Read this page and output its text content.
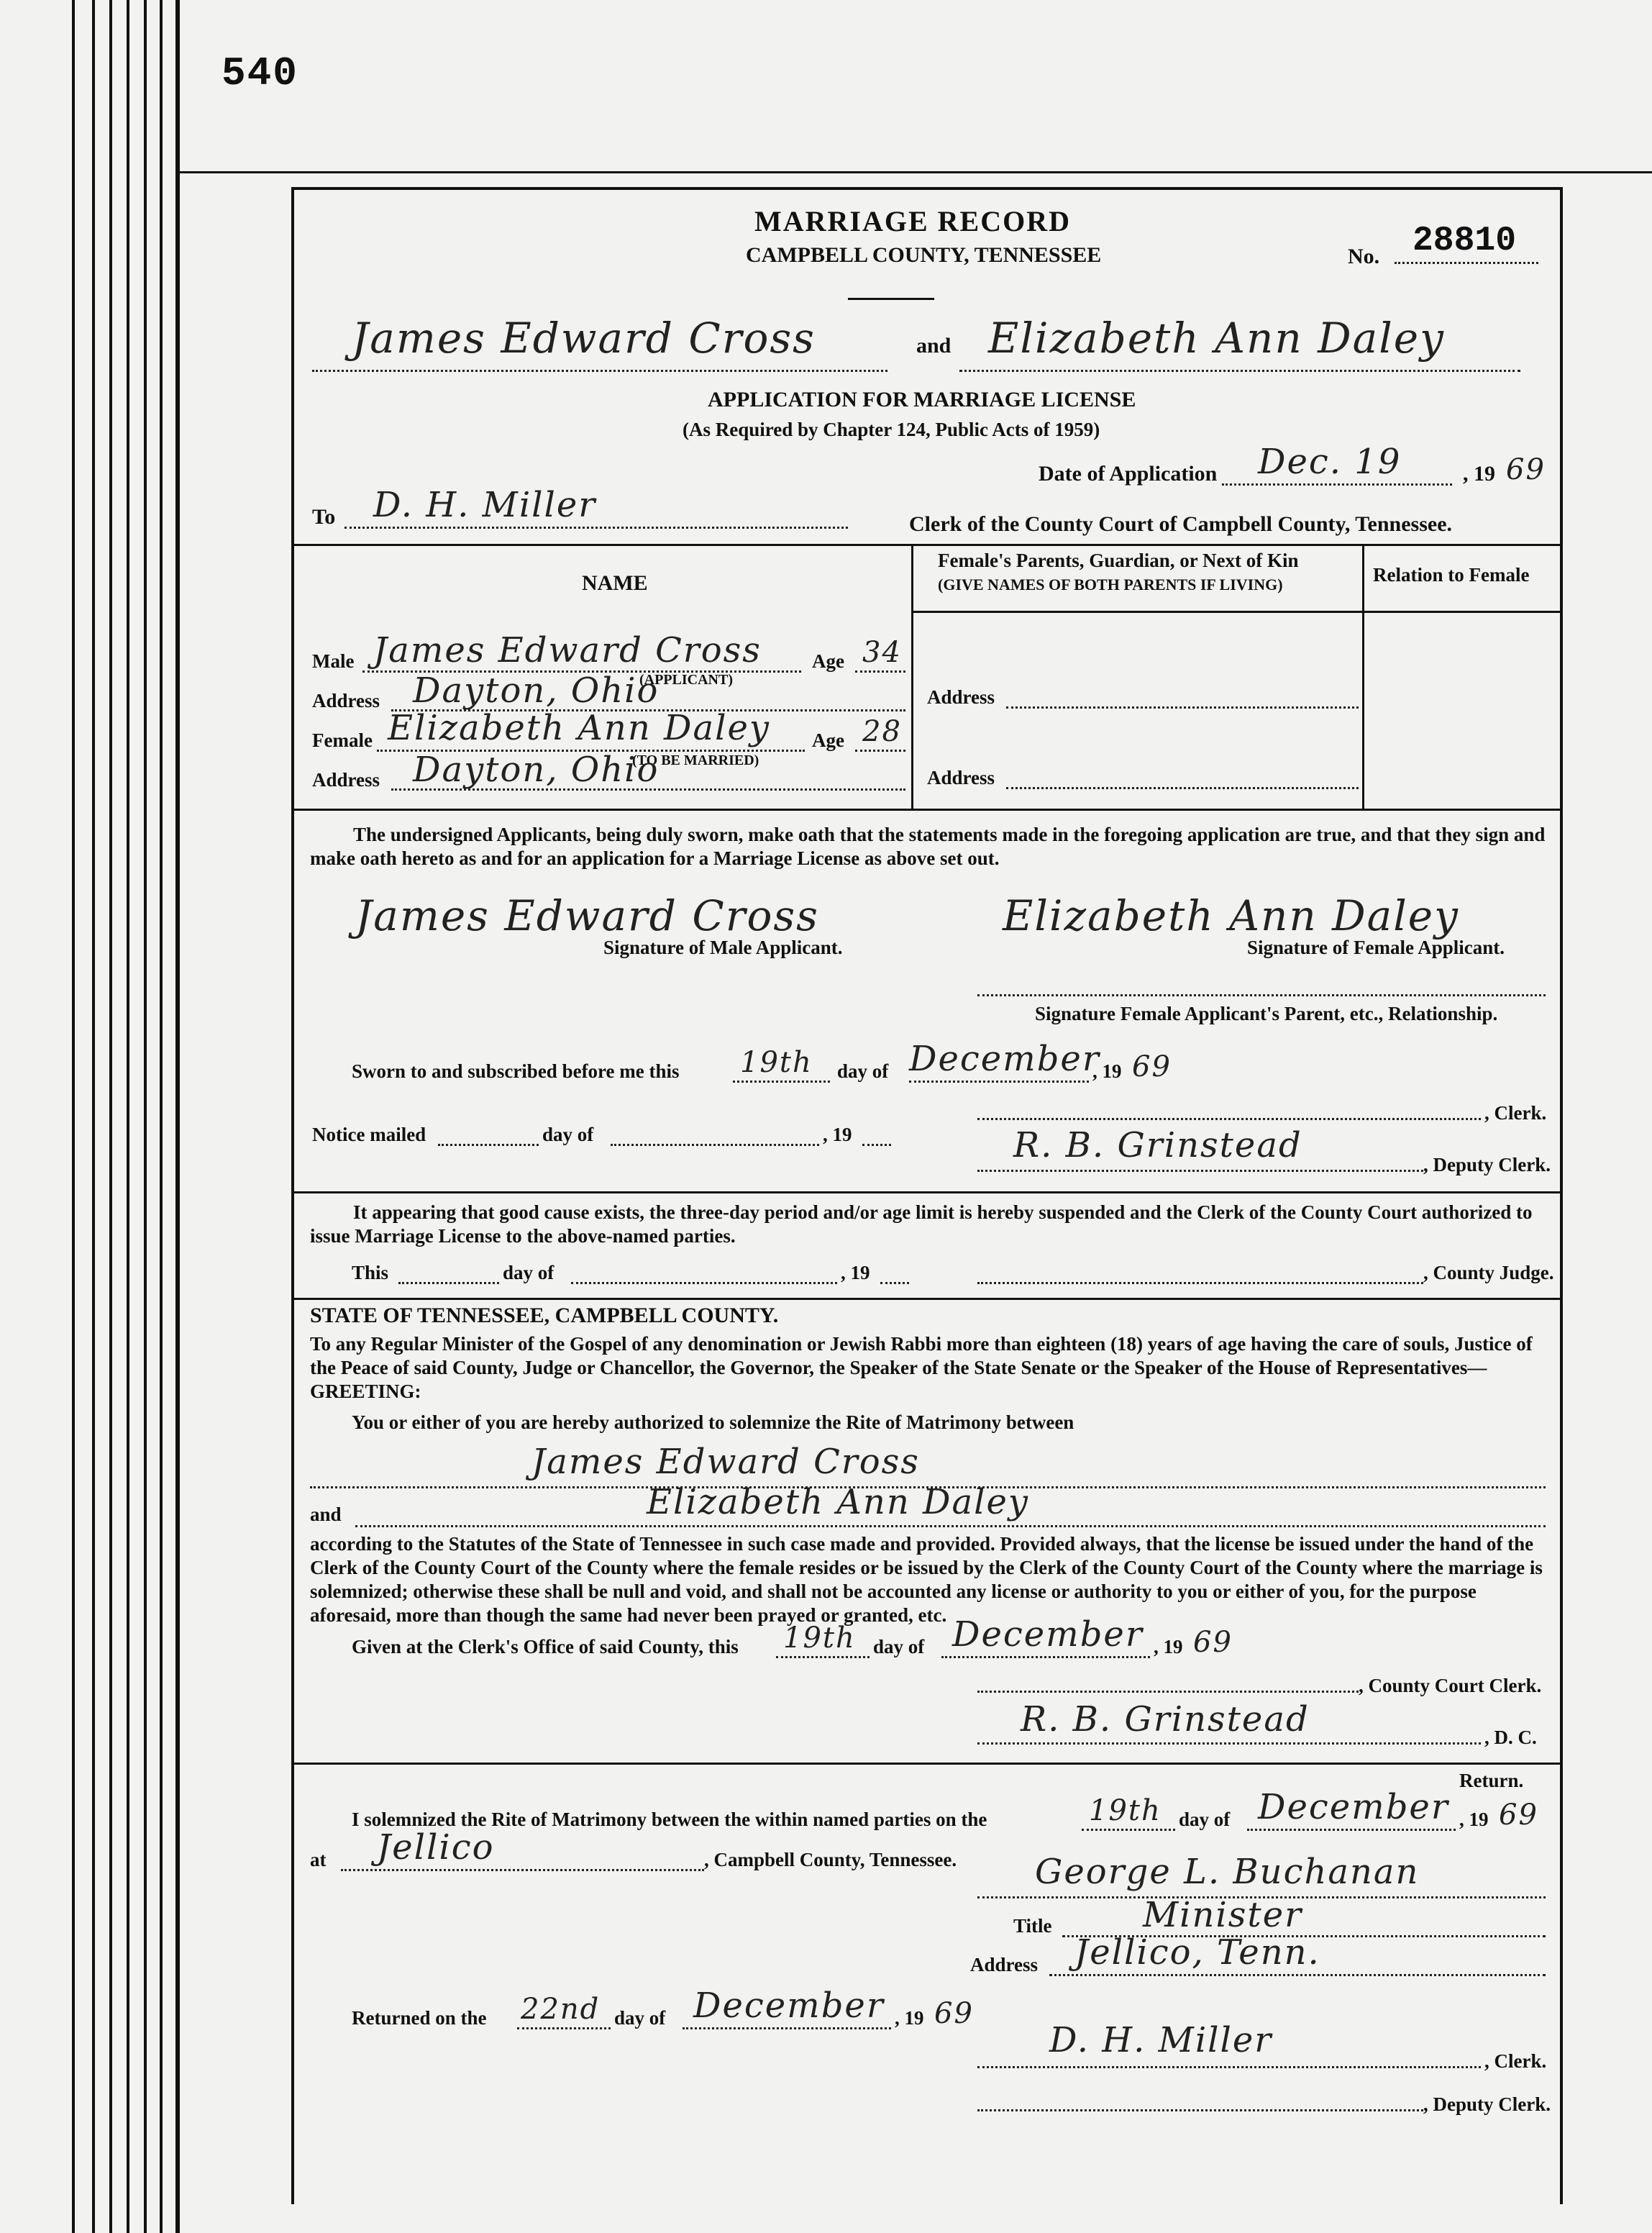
540
MARRIAGE RECORD
CAMPBELL COUNTY, TENNESSEE	No. 28810
James Edward Cross	and Elizabeth Ann Daley
APPLICATION FOR MARRIAGE LICENSE
(As Required by Chapter 124, Public Acts of 1959)
Date of Application Dec. 19	, 19 69
To D. H. Miller	Clerk of the County Court of Campbell County, Tennessee.
NAME
Female's Parents, Guardian, or Next of Kin
(GIVE NAMES OF BOTH PARENTS IF LIVING)	Relation to Female
Male James Edward Cross	Age 34
(APPLICANT)
Address Dayton, Ohio	Address
Female Elizabeth Ann Daley Age 28
(TO BE MARRIED)
Address Dayton, Ohio	Address
The undersigned Applicants, being duly sworn, make oath that the statements made in the foregoing application are true, and that they sign and make oath hereto as and for an application for a Marriage License as above set out.
James Edward Cross
Signature of Male Applicant.
Elizabeth Ann Daley
Signature of Female Applicant.
Signature Female Applicant's Parent, etc., Relationship.
Sworn to and subscribed before me this 19th day of December
, 19 69
, Clerk.
Notice mailed	day of	, 19	R. B. Grinstead	, Deputy Clerk.
It appearing that good cause exists, the three-day period and/or age limit is hereby suspended and the Clerk of the County Court authorized to issue Marriage License to the above-named parties.
This	day of	, 19	, County Judge.
STATE OF TENNESSEE, CAMPBELL COUNTY.
To any Regular Minister of the Gospel of any denomination or Jewish Rabbi more than eighteen (18) years of age having the care of souls, Justice of the Peace of said County, Judge or Chancellor, the Governor, the Speaker of the State Senate or the Speaker of the House of Representatives—GREETING:
You or either of you are hereby authorized to solemnize the Rite of Matrimony between
James Edward Cross
and	Elizabeth Ann Daley
according to the Statutes of the State of Tennessee in such case made and provided. Provided always, that the license be issued under the hand of the Clerk of the County Court of the County where the female resides or be issued by the Clerk of the County Court of the County where the marriage is solemnized; otherwise these shall be null and void, and shall not be accounted any license or authority to you or either of you, for the purpose aforesaid, more than though the same had never been prayed or granted, etc.
Given at the Clerk's Office of said County, this 19th day of December , 19 69
, County Court Clerk.
R. B. Grinstead	, D. C.
Return.
I solemnized the Rite of Matrimony between the within named parties on the	19th day of December , 19 69
at Jellico	, Campbell County, Tennessee. George L. Buchanan
Title	Minister
Address Jellico, Tenn.
Returned on the 22nd day of December , 19 69
D. H. Miller
, Clerk.
, Deputy Clerk.
